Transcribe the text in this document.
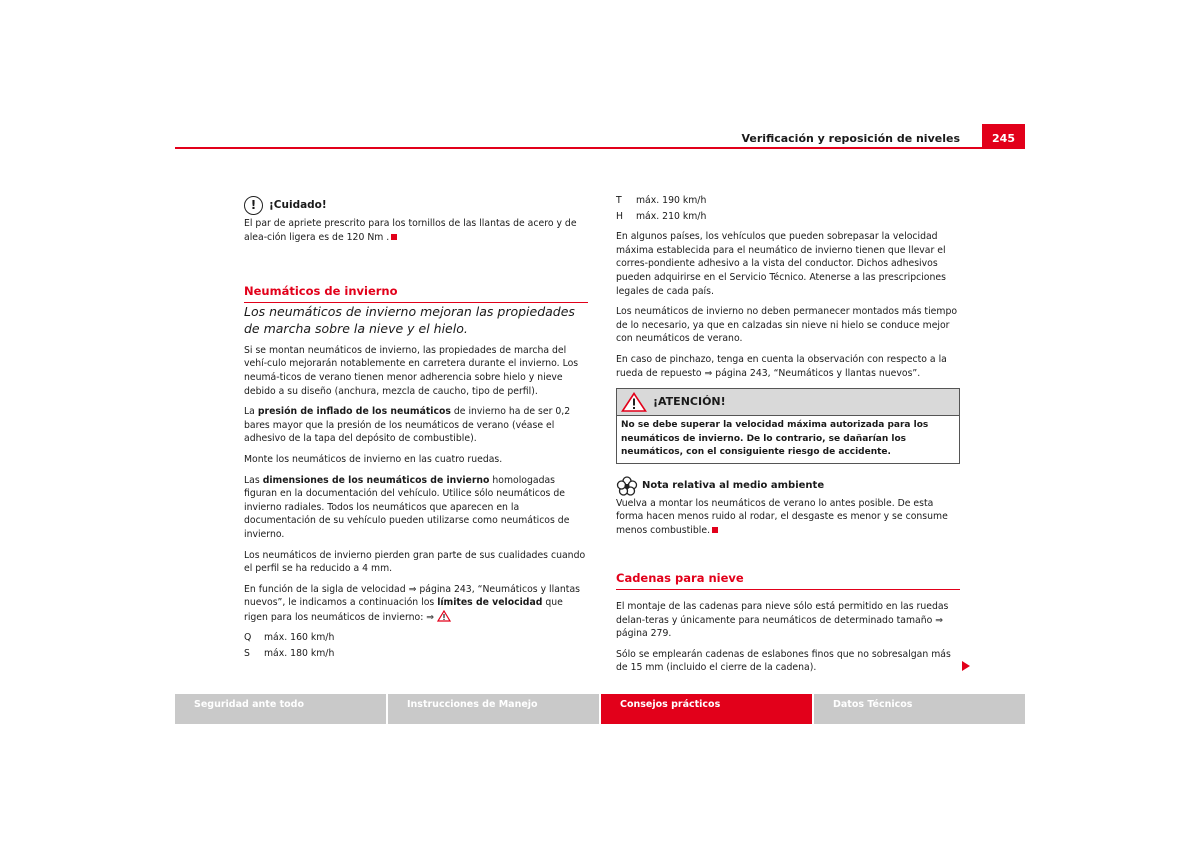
Verificación y reposición de niveles	245
!	¡Cuidado!

El par de apriete prescrito para los tornillos de las llantas de acero y de alea-ción ligera es de 120 Nm .

Neumáticos de invierno

Los neumáticos de invierno mejoran las propiedades de marcha sobre la nieve y el hielo.

Si se montan neumáticos de invierno, las propiedades de marcha del vehí-culo mejorarán notablemente en carretera durante el invierno. Los neumá-ticos de verano tienen menor adherencia sobre hielo y nieve debido a su diseño (anchura, mezcla de caucho, tipo de perfil).

La presión de inflado de los neumáticos de invierno ha de ser 0,2 bares mayor que la presión de los neumáticos de verano (véase el adhesivo de la tapa del depósito de combustible).

Monte los neumáticos de invierno en las cuatro ruedas.

Las dimensiones de los neumáticos de invierno homologadas figuran en la documentación del vehículo. Utilice sólo neumáticos de invierno radiales. Todos los neumáticos que aparecen en la documentación de su vehículo pueden utilizarse como neumáticos de invierno.

Los neumáticos de invierno pierden gran parte de sus cualidades cuando el perfil se ha reducido a 4 mm.

En función de la sigla de velocidad ⇒ página 243, “Neumáticos y llantas nuevos”, le indicamos a continuación los límites de velocidad que rigen para los neumáticos de invierno: ⇒

Q máx. 160 km/h
S máx. 180 km/h
T máx. 190 km/h
H máx. 210 km/h

En algunos países, los vehículos que pueden sobrepasar la velocidad máxima establecida para el neumático de invierno tienen que llevar el corres-pondiente adhesivo a la vista del conductor. Dichos adhesivos pueden adquirirse en el Servicio Técnico. Atenerse a las prescripciones legales de cada país.

Los neumáticos de invierno no deben permanecer montados más tiempo de lo necesario, ya que en calzadas sin nieve ni hielo se conduce mejor con neumáticos de verano.

En caso de pinchazo, tenga en cuenta la observación con respecto a la rueda de repuesto ⇒ página 243, “Neumáticos y llantas nuevos”.

¡ATENCIÓN!
No se debe superar la velocidad máxima autorizada para los neumáticos de invierno. De lo contrario, se dañarían los neumáticos, con el consiguiente riesgo de accidente.
Nota relativa al medio ambiente

Vuelva a montar los neumáticos de verano lo antes posible. De esta forma hacen menos ruido al rodar, el desgaste es menor y se consume menos combustible.

Cadenas para nieve

El montaje de las cadenas para nieve sólo está permitido en las ruedas delan-teras y únicamente para neumáticos de determinado tamaño ⇒ página 279.

Sólo se emplearán cadenas de eslabones finos que no sobresalgan más de 15 mm (incluido el cierre de la cadena).

Seguridad ante todo	Instrucciones de Manejo	Consejos prácticos	Datos Técnicos
